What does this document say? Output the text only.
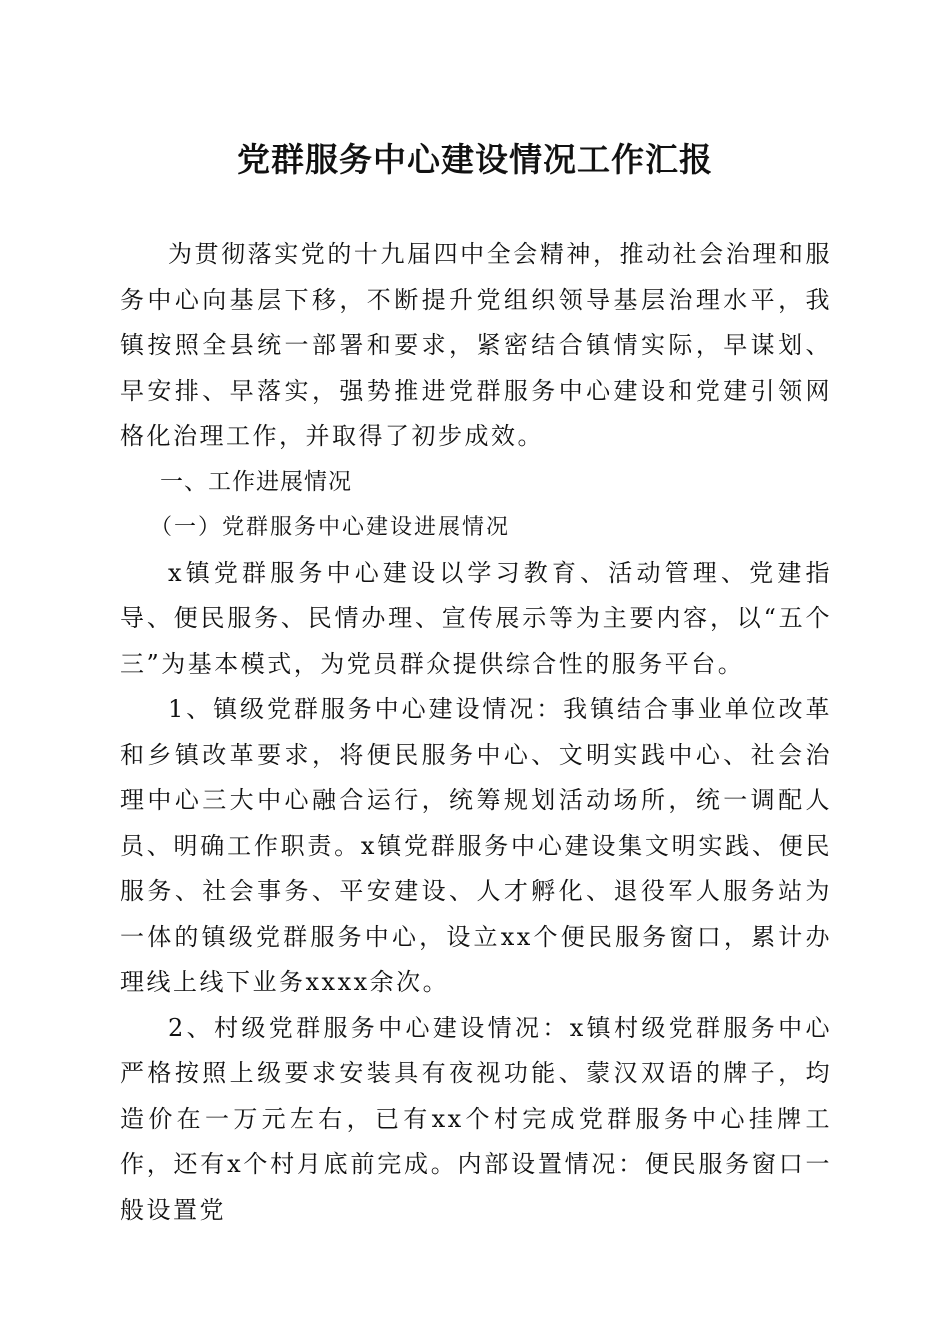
党群服务中心建设情况工作汇报

为贯彻落实党的十九届四中全会精神，推动社会治理和服务中心向基层下移，不断提升党组织领导基层治理水平，我镇按照全县统一部署和要求，紧密结合镇情实际，早谋划、早安排、早落实，强势推进党群服务中心建设和党建引领网格化治理工作，并取得了初步成效。

一、工作进展情况
（一）党群服务中心建设进展情况

x镇党群服务中心建设以学习教育、活动管理、党建指导、便民服务、民情办理、宣传展示等为主要内容，以“五个三”为基本模式，为党员群众提供综合性的服务平台。

1、镇级党群服务中心建设情况：我镇结合事业单位改革和乡镇改革要求，将便民服务中心、文明实践中心、社会治理中心三大中心融合运行，统筹规划活动场所，统一调配人员、明确工作职责。x镇党群服务中心建设集文明实践、便民服务、社会事务、平安建设、人才孵化、退役军人服务站为一体的镇级党群服务中心，设立xx个便民服务窗口，累计办理线上线下业务xxxx余次。

2、村级党群服务中心建设情况：x镇村级党群服务中心严格按照上级要求安装具有夜视功能、蒙汉双语的牌子，均造价在一万元左右，已有xx个村完成党群服务中心挂牌工作，还有x个村月底前完成。内部设置情况：便民服务窗口一般设置党
